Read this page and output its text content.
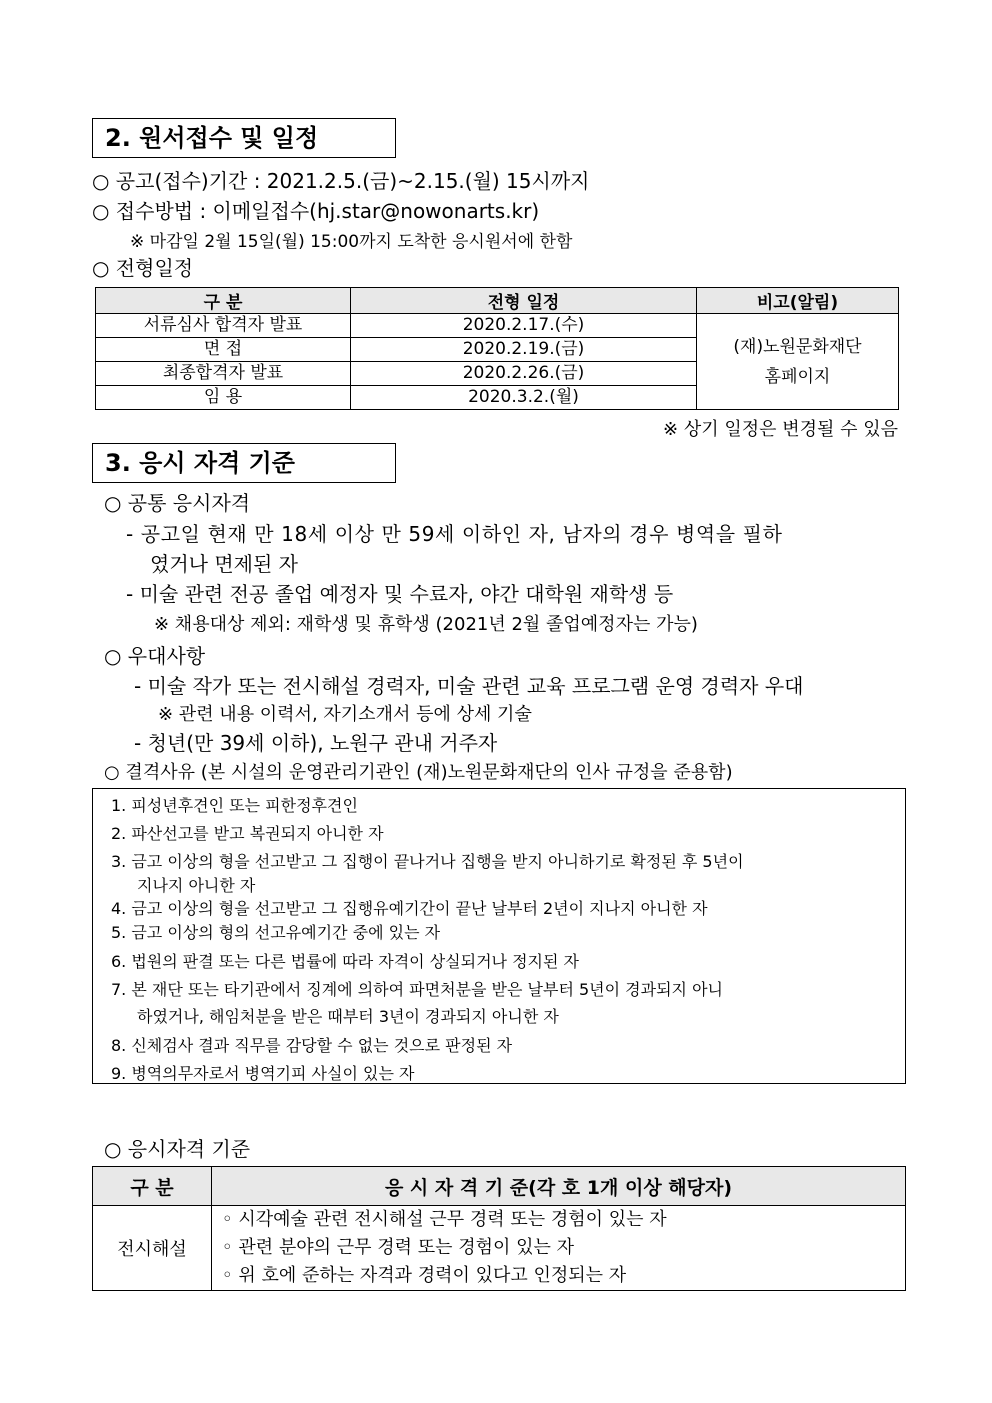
2. 원서접수 및 일정
○ 공고(접수)기간 : 2021.2.5.(금)~2.15.(월) 15시까지
○ 접수방법 : 이메일접수(hj.star@nowonarts.kr)
※ 마감일 2월 15일(월) 15:00까지 도착한 응시원서에 한함
○ 전형일정
구 분	전형 일정	비고(알림)
서류심사 합격자 발표	2020.2.17.(수)	(재)노원문화재단
홈페이지

면 접	2020.2.19.(금)	
최종합격자 발표	2020.2.26.(금)	
임 용	2020.3.2.(월)	
※ 상기 일정은 변경될 수 있음
3. 응시 자격 기준
○ 공통 응시자격
- 공고일 현재 만 18세 이상 만 59세 이하인 자, 남자의 경우 병역을 필하
였거나 면제된 자
- 미술 관련 전공 졸업 예정자 및 수료자, 야간 대학원 재학생 등
※ 채용대상 제외: 재학생 및 휴학생 (2021년 2월 졸업예정자는 가능)
○ 우대사항
- 미술 작가 또는 전시해설 경력자, 미술 관련 교육 프로그램 운영 경력자 우대
※ 관련 내용 이력서, 자기소개서 등에 상세 기술
- 청년(만 39세 이하), 노원구 관내 거주자
○ 결격사유 (본 시설의 운영관리기관인 (재)노원문화재단의 인사 규정을 준용함)
1. 피성년후견인 또는 피한정후견인
2. 파산선고를 받고 복권되지 아니한 자
3. 금고 이상의 형을 선고받고 그 집행이 끝나거나 집행을 받지 아니하기로 확정된 후 5년이
지나지 아니한 자
4. 금고 이상의 형을 선고받고 그 집행유예기간이 끝난 날부터 2년이 지나지 아니한 자
5. 금고 이상의 형의 선고유예기간 중에 있는 자
6. 법원의 판결 또는 다른 법률에 따라 자격이 상실되거나 정지된 자
7. 본 재단 또는 타기관에서 징계에 의하여 파면처분을 받은 날부터 5년이 경과되지 아니
하였거나, 해임처분을 받은 때부터 3년이 경과되지 아니한 자
8. 신체검사 결과 직무를 감당할 수 없는 것으로 판정된 자
9. 병역의무자로서 병역기피 사실이 있는 자
○ 응시자격 기준
구 분	응 시 자 격 기 준(각 호 1개 이상 해당자)
전시해설	◦ 시각예술 관련 전시해설 근무 경력 또는 경험이 있는 자
◦ 관련 분야의 근무 경력 또는 경험이 있는 자
◦ 위 호에 준하는 자격과 경력이 있다고 인정되는 자
